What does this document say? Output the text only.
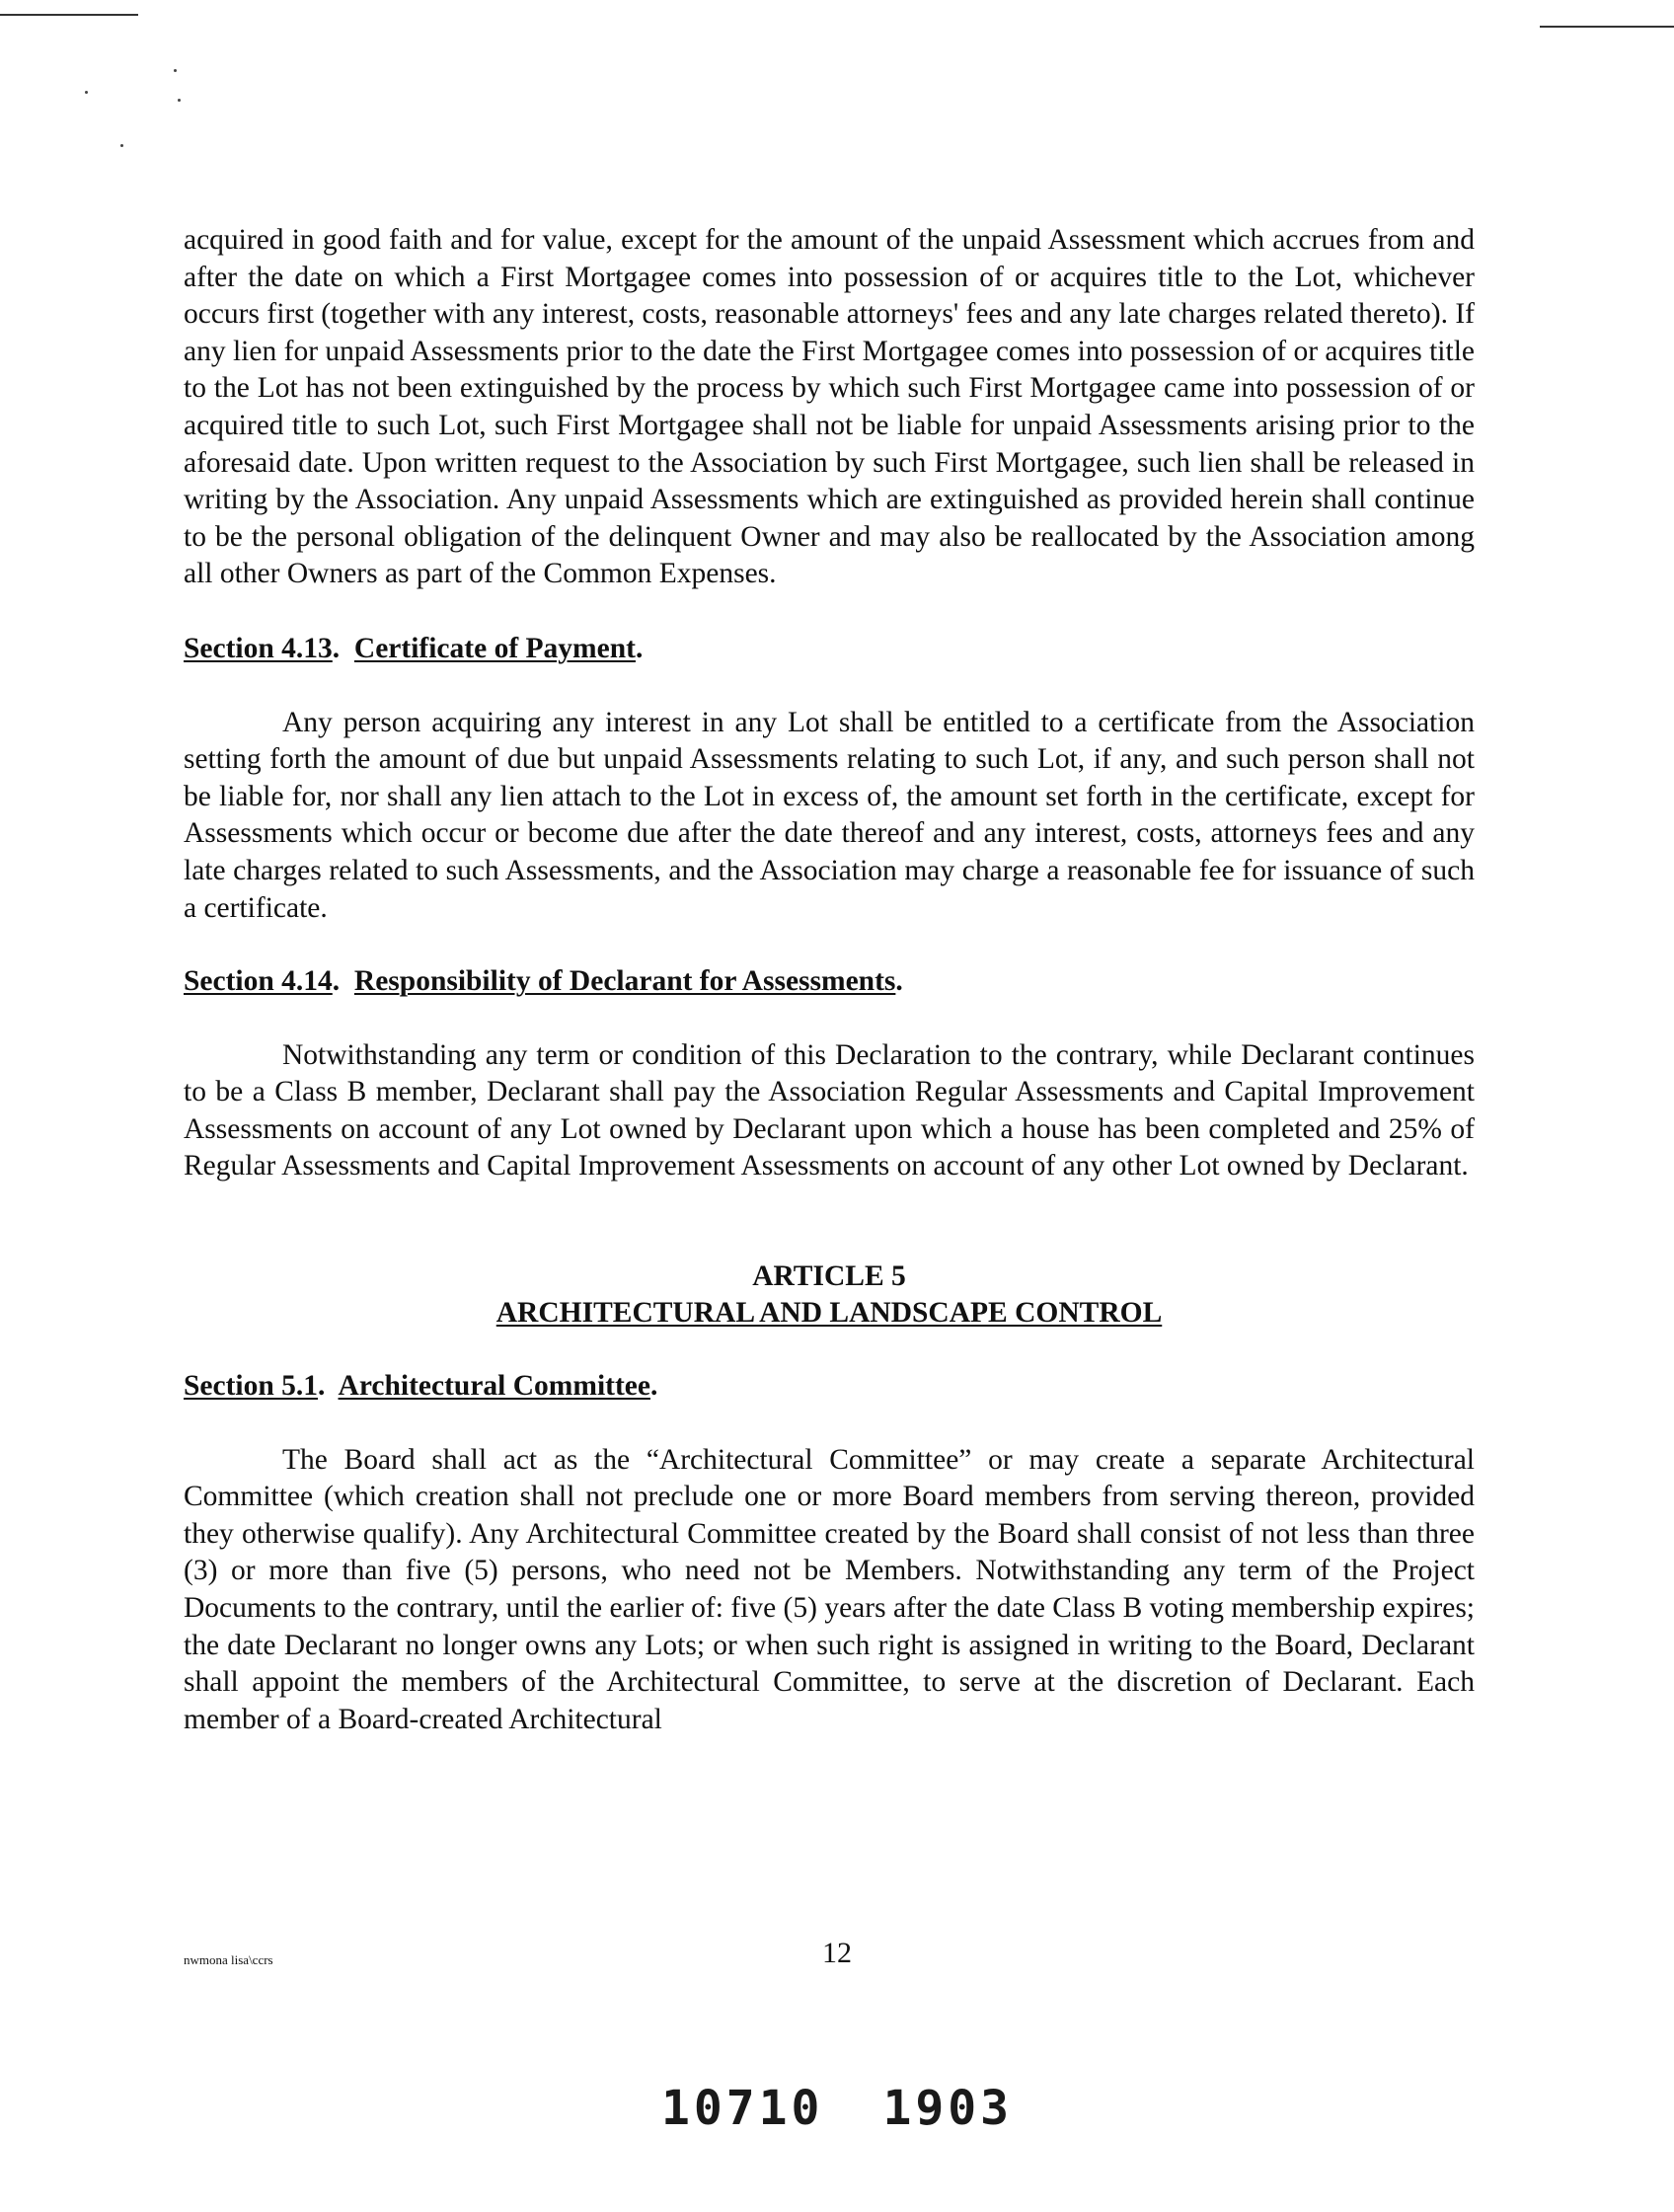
acquired in good faith and for value, except for the amount of the unpaid Assessment which accrues from and after the date on which a First Mortgagee comes into possession of or acquires title to the Lot, whichever occurs first (together with any interest, costs, reasonable attorneys' fees and any late charges related thereto). If any lien for unpaid Assessments prior to the date the First Mortgagee comes into possession of or acquires title to the Lot has not been extinguished by the process by which such First Mortgagee came into possession of or acquired title to such Lot, such First Mortgagee shall not be liable for unpaid Assessments arising prior to the aforesaid date. Upon written request to the Association by such First Mortgagee, such lien shall be released in writing by the Association. Any unpaid Assessments which are extinguished as provided herein shall continue to be the personal obligation of the delinquent Owner and may also be reallocated by the Association among all other Owners as part of the Common Expenses.

Section 4.13.  Certificate of Payment.

Any person acquiring any interest in any Lot shall be entitled to a certificate from the Association setting forth the amount of due but unpaid Assessments relating to such Lot, if any, and such person shall not be liable for, nor shall any lien attach to the Lot in excess of, the amount set forth in the certificate, except for Assessments which occur or become due after the date thereof and any interest, costs, attorneys fees and any late charges related to such Assessments, and the Association may charge a reasonable fee for issuance of such a certificate.

Section 4.14.  Responsibility of Declarant for Assessments.

Notwithstanding any term or condition of this Declaration to the contrary, while Declarant continues to be a Class B member, Declarant shall pay the Association Regular Assessments and Capital Improvement Assessments on account of any Lot owned by Declarant upon which a house has been completed and 25% of Regular Assessments and Capital Improvement Assessments on account of any other Lot owned by Declarant.

ARTICLE 5

ARCHITECTURAL AND LANDSCAPE CONTROL

Section 5.1.  Architectural Committee.

The Board shall act as the “Architectural Committee” or may create a separate Architectural Committee (which creation shall not preclude one or more Board members from serving thereon, provided they otherwise qualify). Any Architectural Committee created by the Board shall consist of not less than three (3) or more than five (5) persons, who need not be Members. Notwithstanding any term of the Project Documents to the contrary, until the earlier of: five (5) years after the date Class B voting membership expires; the date Declarant no longer owns any Lots; or when such right is assigned in writing to the Board, Declarant shall appoint the members of the Architectural Committee, to serve at the discretion of Declarant. Each member of a Board-created Architectural

nwmona lisa\ccrs	12
10710 1903
